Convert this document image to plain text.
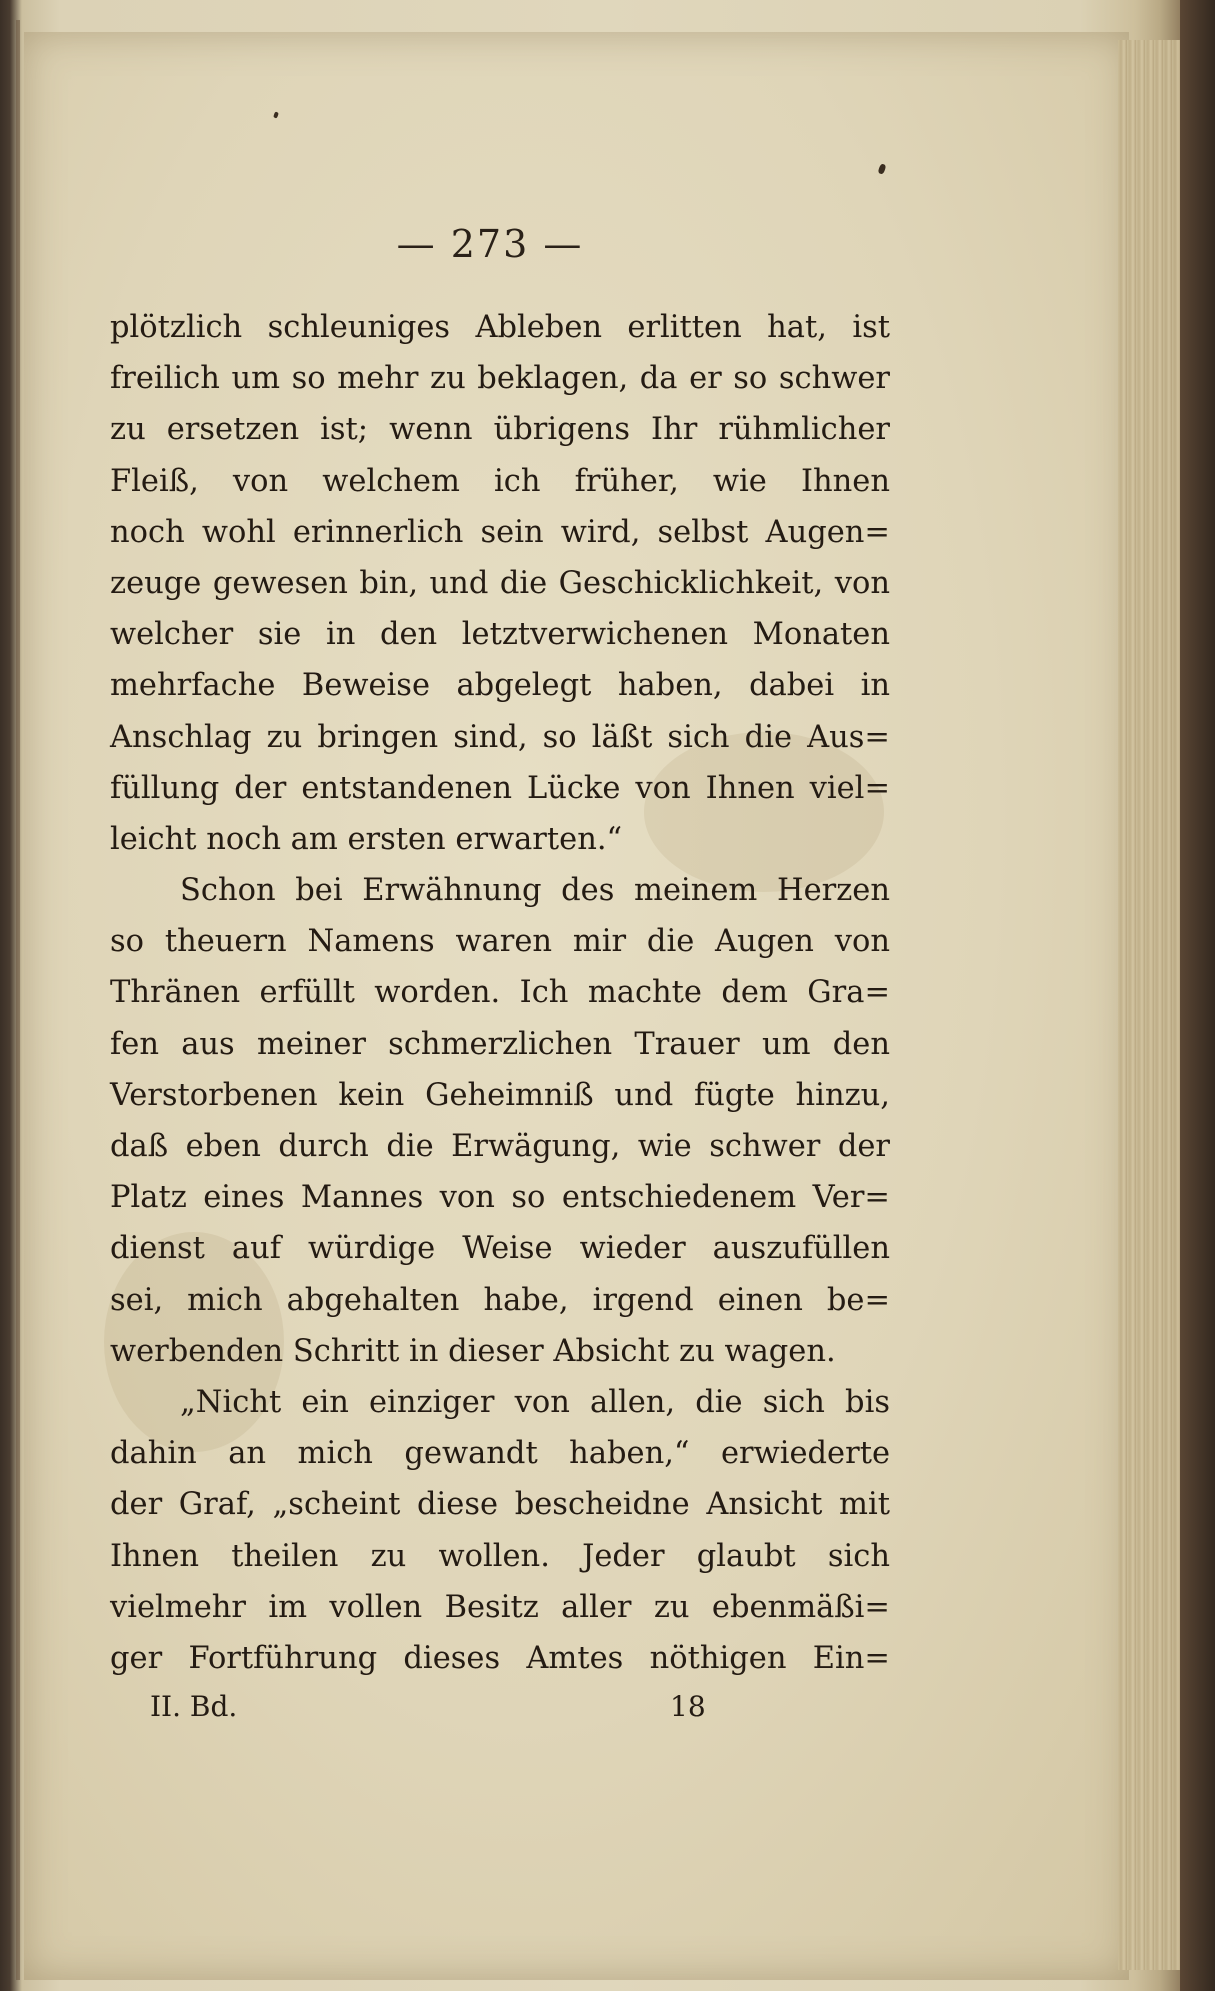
— 273 —
plötzlich schleuniges Ableben erlitten hat, ist
freilich um so mehr zu beklagen, da er so schwer
zu ersetzen ist; wenn übrigens Ihr rühmlicher
Fleiß, von welchem ich früher, wie Ihnen
noch wohl erinnerlich sein wird, selbst Augen=
zeuge gewesen bin, und die Geschicklichkeit, von
welcher sie in den letztverwichenen Monaten
mehrfache Beweise abgelegt haben, dabei in
Anschlag zu bringen sind, so läßt sich die Aus=
füllung der entstandenen Lücke von Ihnen viel=
leicht noch am ersten erwarten.“
Schon bei Erwähnung des meinem Herzen
so theuern Namens waren mir die Augen von
Thränen erfüllt worden. Ich machte dem Gra=
fen aus meiner schmerzlichen Trauer um den
Verstorbenen kein Geheimniß und fügte hinzu,
daß eben durch die Erwägung, wie schwer der
Platz eines Mannes von so entschiedenem Ver=
dienst auf würdige Weise wieder auszufüllen
sei, mich abgehalten habe, irgend einen be=
werbenden Schritt in dieser Absicht zu wagen.
„Nicht ein einziger von allen, die sich bis
dahin an mich gewandt haben,“ erwiederte
der Graf, „scheint diese bescheidne Ansicht mit
Ihnen theilen zu wollen. Jeder glaubt sich
vielmehr im vollen Besitz aller zu ebenmäßi=
ger Fortführung dieses Amtes nöthigen Ein=
II. Bd.	18
